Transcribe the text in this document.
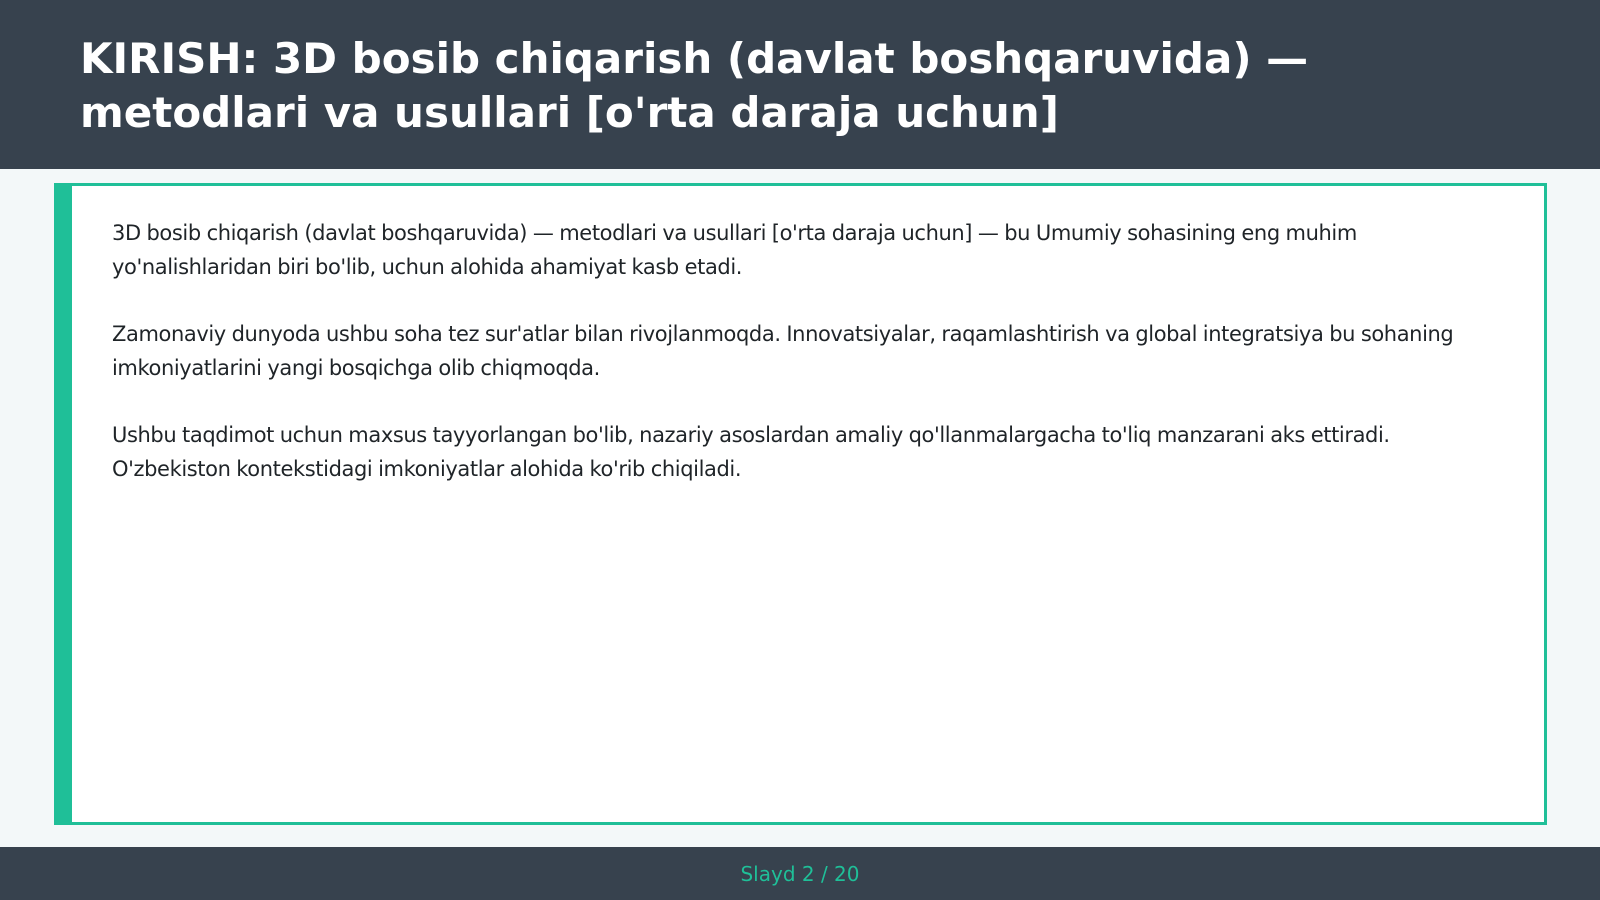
KIRISH: 3D bosib chiqarish (davlat boshqaruvida) — metodlari va usullari [o'rta daraja uchun]

3D bosib chiqarish (davlat boshqaruvida) — metodlari va usullari [o'rta daraja uchun] — bu Umumiy sohasining eng muhim yo'nalishlaridan biri bo'lib, uchun alohida ahamiyat kasb etadi.

Zamonaviy dunyoda ushbu soha tez sur'atlar bilan rivojlanmoqda. Innovatsiyalar, raqamlashtirish va global integratsiya bu sohaning imkoniyatlarini yangi bosqichga olib chiqmoqda.

Ushbu taqdimot uchun maxsus tayyorlangan bo'lib, nazariy asoslardan amaliy qo'llanmalargacha to'liq manzarani aks ettiradi. O'zbekiston kontekstidagi imkoniyatlar alohida ko'rib chiqiladi.

Slayd 2 / 20
